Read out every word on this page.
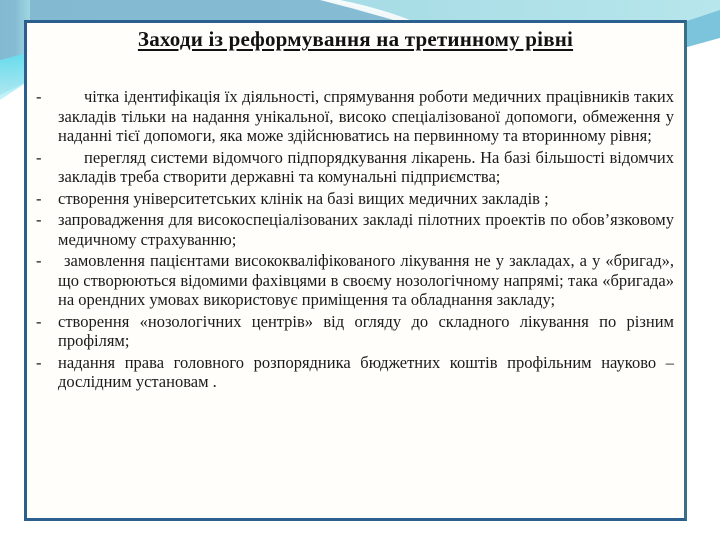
Заходи із реформування на третинному рівні
-	чітка ідентифікація їх діяльності, спрямування роботи медичних працівників таких закладів тільки на надання унікальної, високо спеціалізованої допомоги, обмеження у наданні тієї допомоги, яка може здійснюватись на первинному та вторинному рівня;
-	перегляд системи відомчого підпорядкування лікарень. На базі більшості відомчих закладів треба створити державні та комунальні підприємства;
- створення університетських клінік на базі вищих медичних закладів ;
- запровадження для високоспеціалізованих закладі пілотних проектів по обов’язковому медичному страхуванню;
- замовлення пацієнтами висококваліфікованого лікування не у закладах, а у «бригад», що створюються відомими фахівцями в своєму нозологічному напрямі; така «бригада» на орендних умовах використовує приміщення та обладнання закладу;
- створення «нозологічних центрів» від огляду до складного лікування по різним профілям;
- надання права головного розпорядника бюджетних коштів профільним науково – дослідним установам .
